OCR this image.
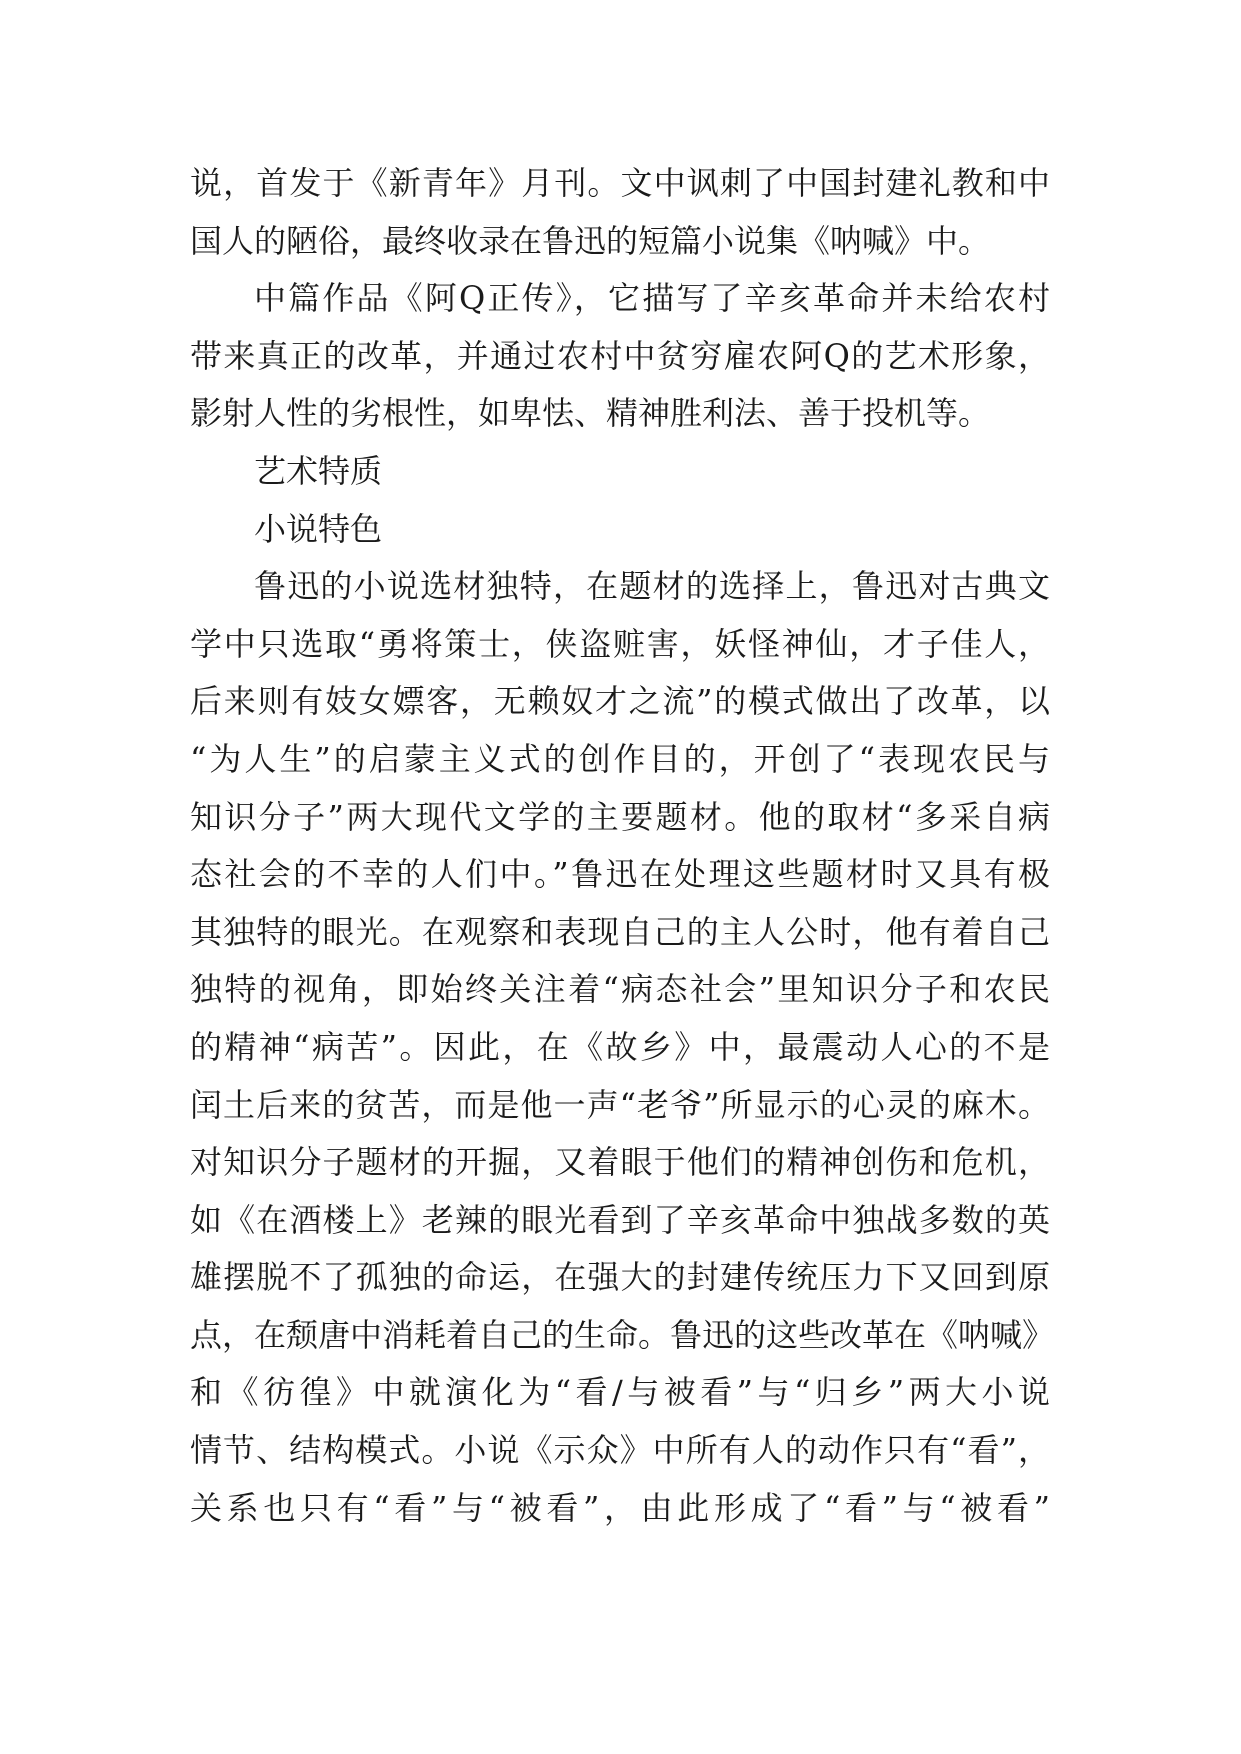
说，首发于《新青年》月刊。文中讽刺了中国封建礼教和中
国人的陋俗，最终收录在鲁迅的短篇小说集《呐喊》中。
中篇作品《阿Q正传》，它描写了辛亥革命并未给农村
带来真正的改革，并通过农村中贫穷雇农阿Q的艺术形象，
影射人性的劣根性，如卑怯、精神胜利法、善于投机等。
艺术特质
小说特色
鲁迅的小说选材独特，在题材的选择上，鲁迅对古典文
学中只选取“勇将策士，侠盗赃害，妖怪神仙，才子佳人，
后来则有妓女嫖客，无赖奴才之流”的模式做出了改革，以
“为人生”的启蒙主义式的创作目的，开创了“表现农民与
知识分子”两大现代文学的主要题材。他的取材“多采自病
态社会的不幸的人们中。”鲁迅在处理这些题材时又具有极
其独特的眼光。在观察和表现自己的主人公时，他有着自己
独特的视角，即始终关注着“病态社会”里知识分子和农民
的精神“病苦”。因此，在《故乡》中，最震动人心的不是
闰土后来的贫苦，而是他一声“老爷”所显示的心灵的麻木。
对知识分子题材的开掘，又着眼于他们的精神创伤和危机，
如《在酒楼上》老辣的眼光看到了辛亥革命中独战多数的英
雄摆脱不了孤独的命运，在强大的封建传统压力下又回到原
点，在颓唐中消耗着自己的生命。鲁迅的这些改革在《呐喊》
和《彷徨》中就演化为“看/与被看”与“归乡”两大小说
情节、结构模式。小说《示众》中所有人的动作只有“看”，
关系也只有“看”与“被看”，由此形成了“看”与“被看”
